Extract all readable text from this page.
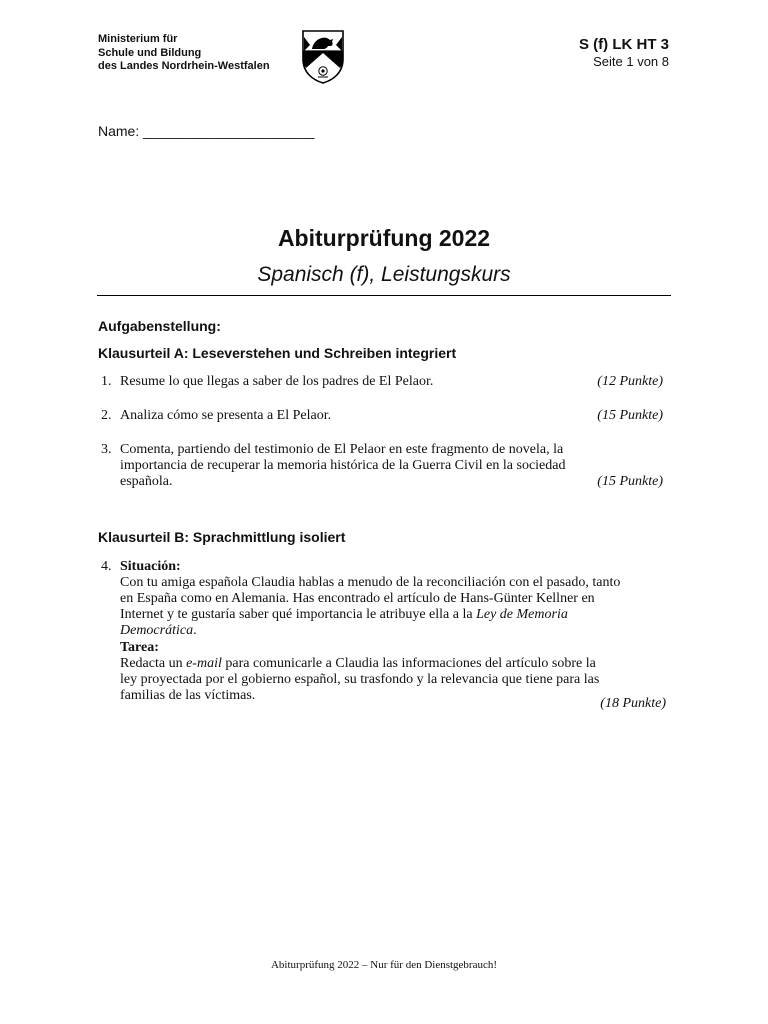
Ministerium für
Schule und Bildung
des Landes Nordrhein-Westfalen
S (f) LK HT 3
Seite 1 von 8
Name: ______________________
Abiturprüfung 2022
Spanisch (f), Leistungskurs
Aufgabenstellung:
Klausurteil A: Leseverstehen und Schreiben integriert
1. Resume lo que llegas a saber de los padres de El Pelaor.	(12 Punkte)
2. Analiza cómo se presenta a El Pelaor.	(15 Punkte)
3. Comenta, partiendo del testimonio de El Pelaor en este fragmento de novela, la
importancia de recuperar la memoria histórica de la Guerra Civil en la sociedad
española.	(15 Punkte)
Klausurteil B: Sprachmittlung isoliert
4. Situación:
Con tu amiga española Claudia hablas a menudo de la reconciliación con el pasado, tanto
en España como en Alemania. Has encontrado el artículo de Hans-Günter Kellner en
Internet y te gustaría saber qué importancia le atribuye ella a la Ley de Memoria
Democrática.
Tarea:
Redacta un e-mail para comunicarle a Claudia las informaciones del artículo sobre la
ley proyectada por el gobierno español, su trasfondo y la relevancia que tiene para las
familias de las víctimas.
(18 Punkte)
Abiturprüfung 2022 – Nur für den Dienstgebrauch!
